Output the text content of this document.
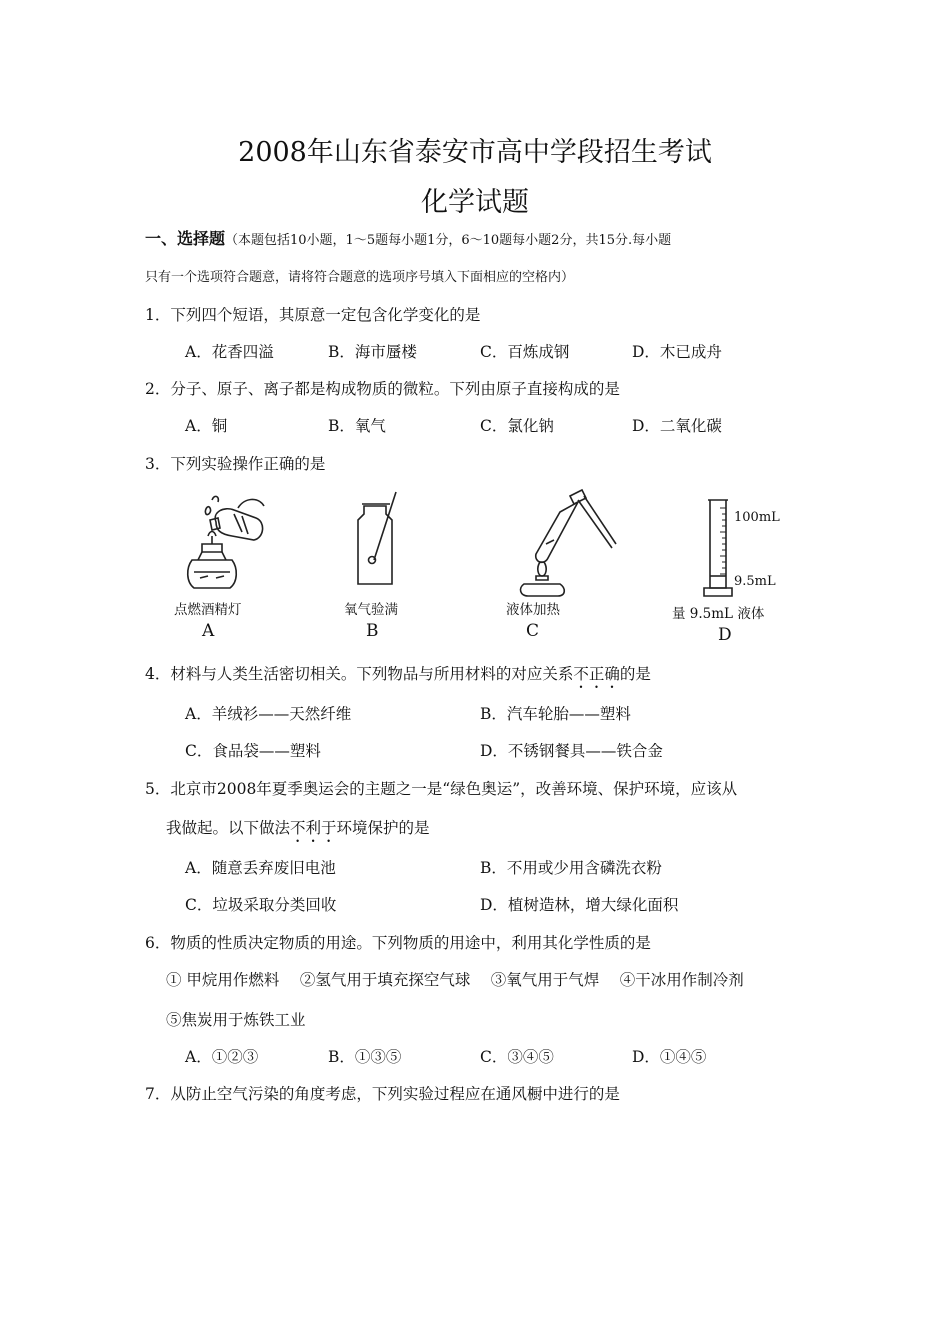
2008年山东省泰安市高中学段招生考试
化学试题
一、选择题（本题包括10小题，1～5题每小题1分，6～10题每小题2分，共15分.每小题
只有一个选项符合题意，请将符合题意的选项序号填入下面相应的空格内）
1．下列四个短语，其原意一定包含化学变化的是
A．花香四溢	B．海市蜃楼	C．百炼成钢	D．木已成舟
2．分子、原子、离子都是构成物质的微粒。下列由原子直接构成的是
A．铜	B．氧气	C．氯化钠	D．二氧化碳
3．下列实验操作正确的是
点燃酒精灯
A
氧气验满
B
液体加热
C
100mL
9.5mL
量 9.5mL 液体
D
4．材料与人类生活密切相关。下列物品与所用材料的对应关系不正确的是
A．羊绒衫——天然纤维	B．汽车轮胎——塑料
C．食品袋——塑料	D．不锈钢餐具——铁合金
5．北京市2008年夏季奥运会的主题之一是“绿色奥运”，改善环境、保护环境，应该从
我做起。以下做法不利于环境保护的是
A．随意丢弃废旧电池	B．不用或少用含磷洗衣粉
C．垃圾采取分类回收	D．植树造林，增大绿化面积
6．物质的性质决定物质的用途。下列物质的用途中，利用其化学性质的是
① 甲烷用作燃料　 ②氢气用于填充探空气球　 ③氧气用于气焊　 ④干冰用作制冷剂
⑤焦炭用于炼铁工业
A．①②③	B．①③⑤	C．③④⑤	D．①④⑤
7．从防止空气污染的角度考虑，下列实验过程应在通风橱中进行的是
